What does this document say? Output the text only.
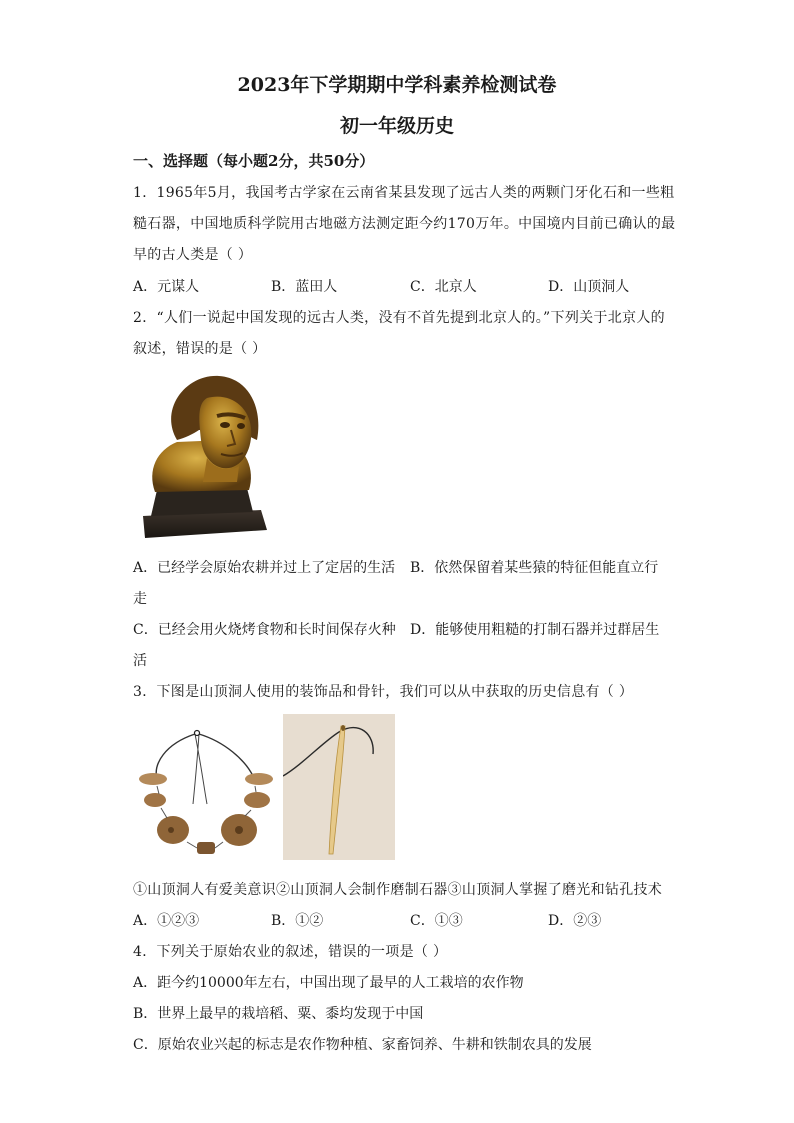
2023年下学期期中学科素养检测试卷
初一年级历史
一、选择题（每小题2分，共50分）
1．1965年5月，我国考古学家在云南省某县发现了远古人类的两颗门牙化石和一些粗
糙石器，中国地质科学院用古地磁方法测定距今约170万年。中国境内目前已确认的最
早的古人类是（ ）
A．元谋人	B．蓝田人	C．北京人	D．山顶洞人
2．“人们一说起中国发现的远古人类，没有不首先提到北京人的。”下列关于北京人的
叙述，错误的是（ ）
A．已经学会原始农耕并过上了定居的生活 B．依然保留着某些猿的特征但能直立行
走
C．已经会用火烧烤食物和长时间保存火种 D．能够使用粗糙的打制石器并过群居生
活
3．下图是山顶洞人使用的装饰品和骨针，我们可以从中获取的历史信息有（ ）
①山顶洞人有爱美意识②山顶洞人会制作磨制石器③山顶洞人掌握了磨光和钻孔技术
A．①②③	B．①②	C．①③	D．②③
4．下列关于原始农业的叙述，错误的一项是（ ）
A．距今约10000年左右，中国出现了最早的人工栽培的农作物
B．世界上最早的栽培稻、粟、黍均发现于中国
C．原始农业兴起的标志是农作物种植、家畜饲养、牛耕和铁制农具的发展
